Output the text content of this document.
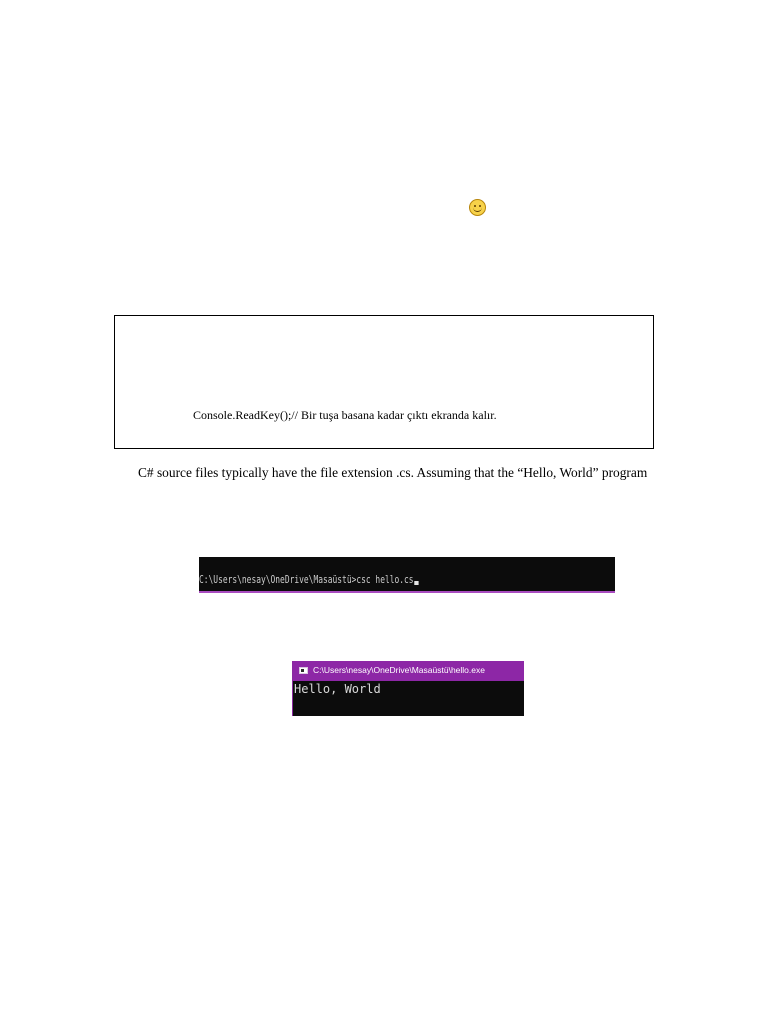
Console.ReadKey();// Bir tuşa basana kadar çıktı ekranda kalır.
C# source files typically have the file extension .cs. Assuming that the “Hello, World” program
C:\Users\nesay\OneDrive\Masaüstü>csc hello.cs
C:\Users\nesay\OneDrive\Masaüstü\hello.exe
Hello, World
